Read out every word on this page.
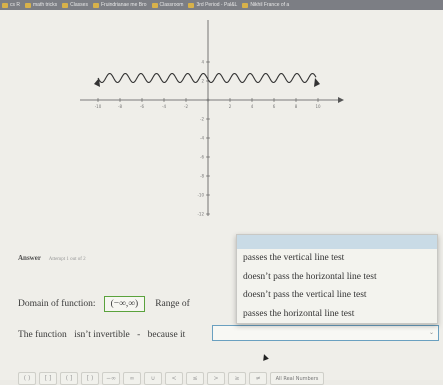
cs R	math tricks	Classes	Fruindrianae me Bro	Classroom	3rd Period - Pal&L	Nikhil France of a
-10	-8	-6	-4	-2	2	4	6	8	10
4
2
-2
-4
-6
-8
-10
-12
Answer Attempt 1 out of 2
Domain of function:	(−∞,∞)	Range of
The function isn’t invertible - because it	⌄
passes the vertical line test
doesn’t pass the horizontal line test
doesn’t pass the vertical line test
passes the horizontal line test
( )	[ ]	( ]	[ )	−∞	∞	∪	<	≤	>	≥	≠	All Real Numbers
